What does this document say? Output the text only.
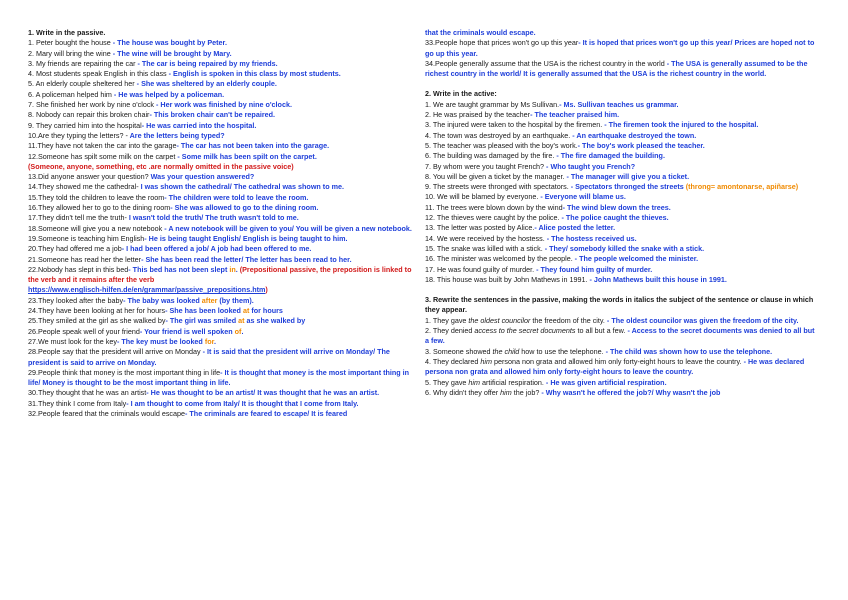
1. Write in the passive.

1. Peter bought the house - The house was bought by Peter.

2. Mary will bring the wine - The wine will be brought by Mary.

3. My friends are repairing the car - The car is being repaired by my friends.

4. Most students speak English in this class - English is spoken in this class by most students.

5. An elderly couple sheltered her - She was sheltered by an elderly couple.

6. A policeman helped him - He was helped by a policeman.

7. She finished her work by nine o'clock - Her work was finished by nine o'clock.

8. Nobody can repair this broken chair- This broken chair can't be repaired.

9. They carried him into the hospital- He was carried into the hospital.

10.Are they typing the letters? - Are the letters being typed?

11.They have not taken the car into the garage- The car has not been taken into the garage.

12.Someone has spilt some milk on the carpet - Some milk has been spilt on the carpet.

(Someone, anyone, something, etc .are normally omitted in the passive voice)

13.Did anyone answer your question? Was your question answered?

14.They showed me the cathedral- I was shown the cathedral/ The cathedral was shown to me.

15.They told the children to leave the room- The children were told to leave the room.

16.They allowed her to go to the dining room- She was allowed to go to the dining room.

17.They didn't tell me the truth- I wasn't told the truth/ The truth wasn't told to me.

18.Someone will give you a new notebook - A new notebook will be given to you/ You will be given a new notebook.

19.Someone is teaching him English- He is being taught English/ English is being taught to him.

20.They had offered me a job- I had been offered a job/ A job had been offered to me.

21.Someone has read her the letter- She has been read the letter/ The letter has been read to her.

22.Nobody has slept in this bed- This bed has not been slept in. (Prepositional passive, the preposition is linked to the verb and it remains after the verb
https://www.englisch-hilfen.de/en/grammar/passive_prepositions.htm)

23.They looked after the baby- The baby was looked after (by them).

24.They have been looking at her for hours- She has been looked at for hours

25.They smiled at the girl as she walked by- The girl was smiled at as she walked by

26.People speak well of your friend- Your friend is well spoken of.

27.We must look for the key- The key must be looked for.

28.People say that the president will arrive on Monday - It is said that the president will arrive on Monday/ The president is said to arrive on Monday.

29.People think that money is the most important thing in life- It is thought that money is the most important thing in life/ Money is thought to be the most important thing in life.

30.They thought that he was an artist- He was thought to be an artist/ It was thought that he was an artist.

31.They think I come from Italy- I am thought to come from Italy/ It is thought that I come from Italy.

32.People feared that the criminals would escape- The criminals are feared to escape/ It is feared

that the criminals would escape.

33.People hope that prices won't go up this year- It is hoped that prices won't go up this year/ Prices are hoped not to go up this year.

34.People generally assume that the USA is the richest country in the world - The USA is generally assumed to be the richest country in the world/ It is generally assumed that the USA is the richest country in the world.

2. Write in the active:

1. We are taught grammar by Ms Sullivan.- Ms. Sullivan teaches us grammar.

2. He was praised by the teacher- The teacher praised him.

3. The injured were taken to the hospital by the firemen. - The firemen took the injured to the hospital.

4. The town was destroyed by an earthquake. - An earthquake destroyed the town.

5. The teacher was pleased with the boy's work.- The boy's work pleased the teacher.

6. The building was damaged by the fire. - The fire damaged the building.

7. By whom were you taught French? - Who taught you French?

8. You will be given a ticket by the manager. - The manager will give you a ticket.

9. The streets were thronged with spectators. - Spectators thronged the streets (throng= amontonarse, apiñarse)

10. We will be blamed by everyone. - Everyone will blame us.

11. The trees were blown down by the wind- The wind blew down the trees.

12. The thieves were caught by the police. - The police caught the thieves.

13. The letter was posted by Alice.- Alice posted the letter.

14. We were received by the hostess. - The hostess received us.

15. The snake was killed with a stick. - They/ somebody killed the snake with a stick.

16. The minister was welcomed by the people. - The people welcomed the minister.

17. He was found guilty of murder. - They found him guilty of murder.

18. This house was built by John Mathews in 1991. - John Mathews built this house in 1991.

3. Rewrite the sentences in the passive, making the words in italics the subject of the sentence or clause in which they appear.

1. They gave the oldest councilor the freedom of the city. - The oldest councilor was given the freedom of the city.

2. They denied access to the secret documents to all but a few. - Access to the secret documents was denied to all but a few.

3. Someone showed the child how to use the telephone. - The child was shown how to use the telephone.

4. They declared him persona non grata and allowed him only forty-eight hours to leave the country. - He was declared persona non grata and allowed him only forty-eight hours to leave the country.

5. They gave him artificial respiration. - He was given artificial respiration.

6. Why didn't they offer him the job? - Why wasn't he offered the job?/ Why wasn't the job
